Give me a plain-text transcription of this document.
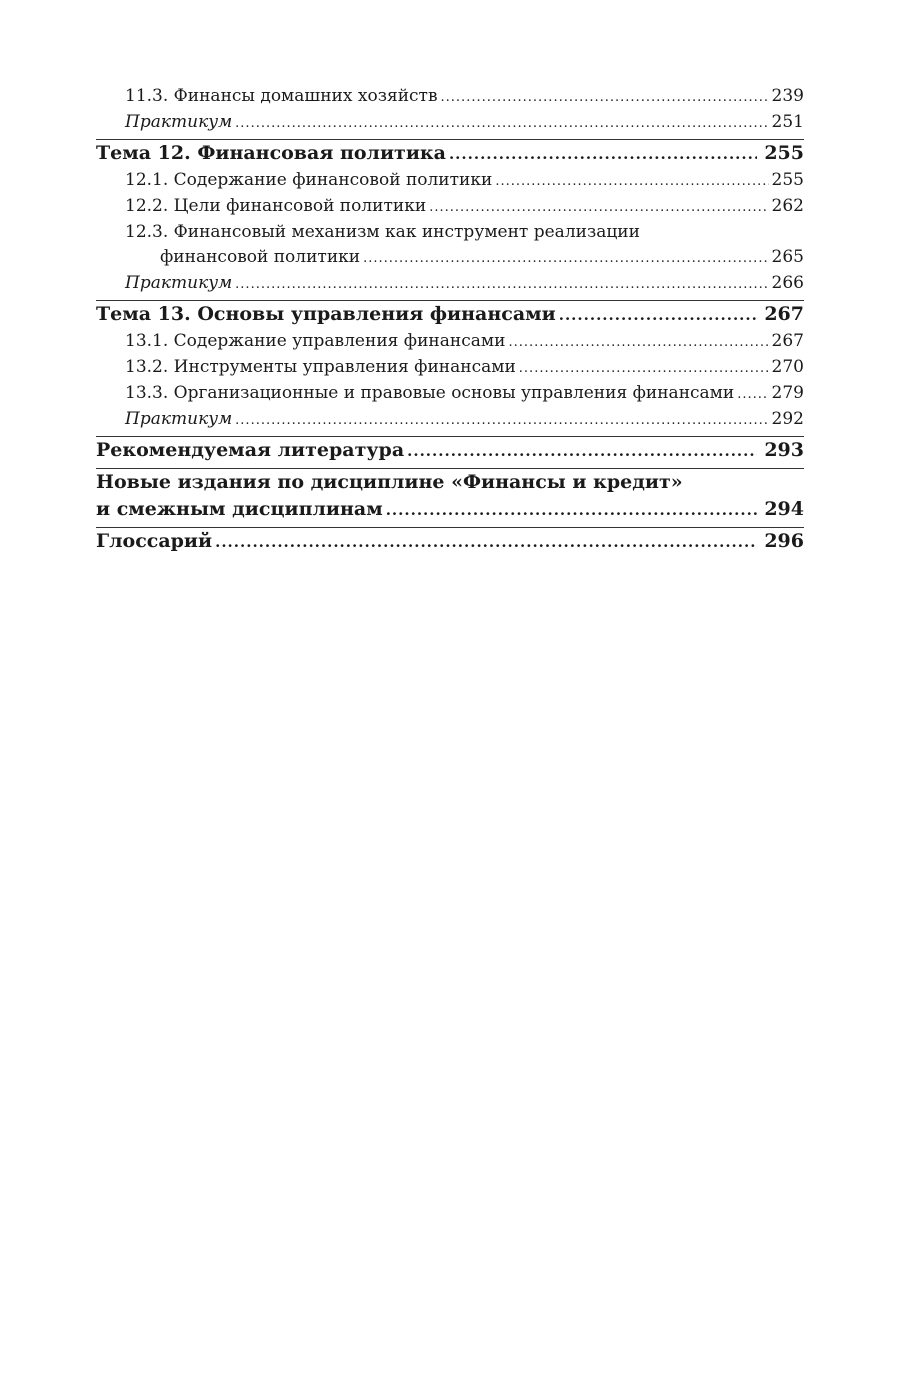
11.3. Финансы домашних хозяйств .....	239
Практикум .....	251
Тема 12. Финансовая политика .....	255
12.1. Содержание финансовой политики .....	255
12.2. Цели финансовой политики .....	262
12.3. Финансовый механизм как инструмент реализации
финансовой политики .....	265
Практикум .....	266
Тема 13. Основы управления финансами .....	267
13.1. Содержание управления финансами .....	267
13.2. Инструменты управления финансами .....	270
13.3. Организационные и правовые основы управления финансами ..... 279
Практикум .....	292
Рекомендуемая литература .....	293
Новые издания по дисциплине «Финансы и кредит»
и смежным дисциплинам .....	294
Глоссарий .....	296
